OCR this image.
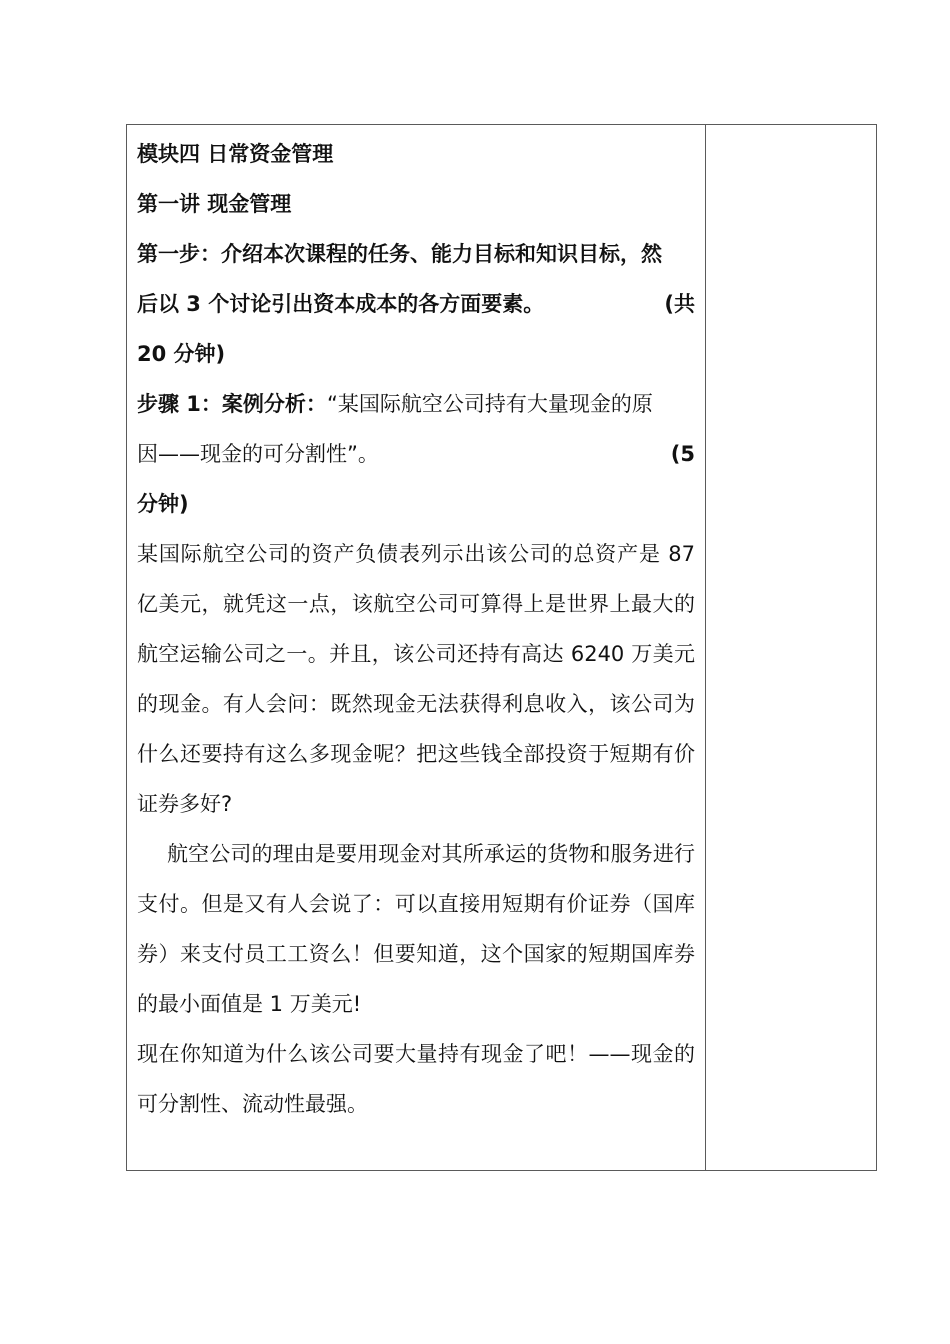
模块四 日常资金管理

第一讲 现金管理

第一步：介绍本次课程的任务、能力目标和知识目标，然

后以 3 个讨论引出资本成本的各方面要素。	(共

20 分钟)

步骤 1：案例分析：“某国际航空公司持有大量现金的原

因——现金的可分割性”。	(5

分钟)

某国际航空公司的资产负债表列示出该公司的总资产是 87 亿美元，就凭这一点，该航空公司可算得上是世界上最大的航空运输公司之一。并且，该公司还持有高达 6240 万美元的现金。有人会问：既然现金无法获得利息收入，该公司为什么还要持有这么多现金呢？把这些钱全部投资于短期有价证券多好?

航空公司的理由是要用现金对其所承运的货物和服务进行支付。但是又有人会说了：可以直接用短期有价证券（国库券）来支付员工工资么！但要知道，这个国家的短期国库券的最小面值是 1 万美元!

现在你知道为什么该公司要大量持有现金了吧！——现金的可分割性、流动性最强。
